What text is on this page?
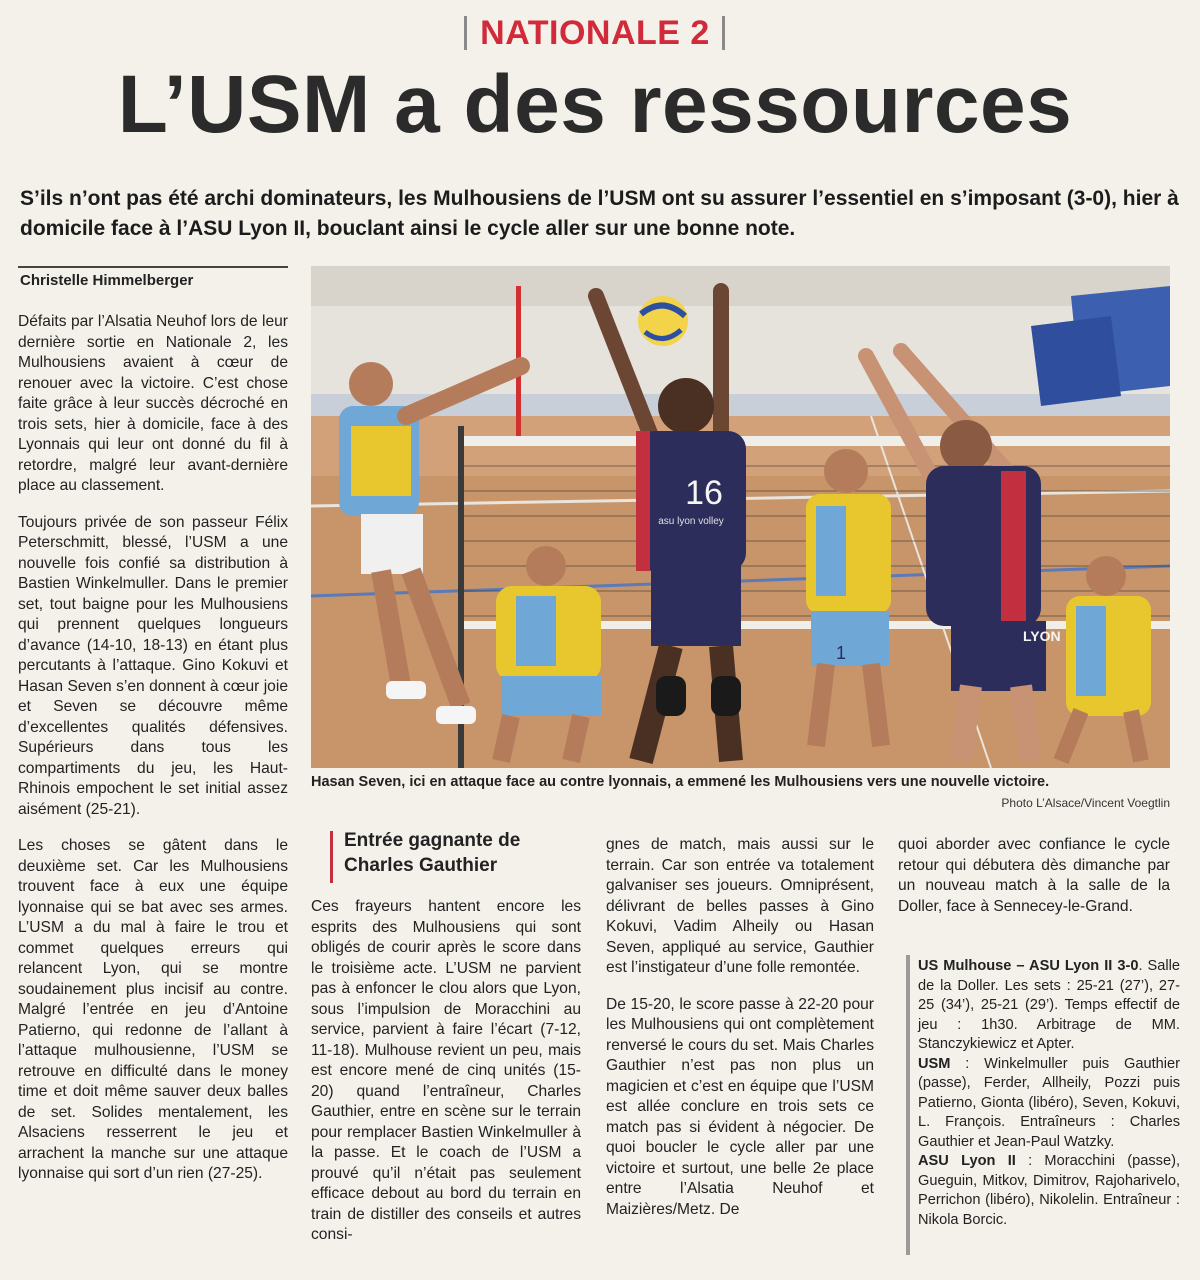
NATIONALE 2
L’USM a des ressources
S’ils n’ont pas été archi dominateurs, les Mulhousiens de l’USM ont su assurer l’essentiel en s’imposant (3-0), hier à domicile face à l’ASU Lyon II, bouclant ainsi le cycle aller sur une bonne note.
Christelle Himmelberger

Défaits par l’Alsatia Neuhof lors de leur dernière sortie en Nationale 2, les Mulhousiens avaient à cœur de renouer avec la victoire. C’est chose faite grâce à leur succès décroché en trois sets, hier à domicile, face à des Lyonnais qui leur ont donné du fil à retordre, malgré leur avant-dernière place au classement.

Toujours privée de son passeur Félix Peterschmitt, blessé, l’USM a une nouvelle fois confié sa distribution à Bastien Winkelmuller. Dans le premier set, tout baigne pour les Mulhousiens qui prennent quelques longueurs d’avance (14-10, 18-13) en étant plus percutants à l’attaque. Gino Kokuvi et Hasan Seven s’en donnent à cœur joie et Seven se découvre même d’excellentes qualités défensives. Supérieurs dans tous les compartiments du jeu, les Haut-Rhinois empochent le set initial assez aisément (25-21).

Les choses se gâtent dans le deuxième set. Car les Mulhousiens trouvent face à eux une équipe lyonnaise qui se bat avec ses armes. L’USM a du mal à faire le trou et commet quelques erreurs qui relancent Lyon, qui se montre soudainement plus incisif au contre. Malgré l’entrée en jeu d’Antoine Patierno, qui redonne de l’allant à l’attaque mulhousienne, l’USM se retrouve en difficulté dans le money time et doit même sauver deux balles de set. Solides mentalement, les Alsaciens resserrent le jeu et arrachent la manche sur une attaque lyonnaise qui sort d’un rien (27-25).

16
asu lyon volley
1
LYON
Hasan Seven, ici en attaque face au contre lyonnais, a emmené les Mulhousiens vers une nouvelle victoire.
Photo L’Alsace/Vincent Voegtlin
Entrée gagnante de Charles Gauthier

Ces frayeurs hantent encore les esprits des Mulhousiens qui sont obligés de courir après le score dans le troisième acte. L’USM ne parvient pas à enfoncer le clou alors que Lyon, sous l’impulsion de Moracchini au service, parvient à faire l’écart (7-12, 11-18). Mulhouse revient un peu, mais est encore mené de cinq unités (15-20) quand l’entraîneur, Charles Gauthier, entre en scène sur le terrain pour remplacer Bastien Winkelmuller à la passe. Et le coach de l’USM a prouvé qu’il n’était pas seulement efficace debout au bord du terrain en train de distiller des conseils et autres consi-

gnes de match, mais aussi sur le terrain. Car son entrée va totalement galvaniser ses joueurs. Omniprésent, délivrant de belles passes à Gino Kokuvi, Vadim Alheily ou Hasan Seven, appliqué au service, Gauthier est l’instigateur d’une folle remontée.

De 15-20, le score passe à 22-20 pour les Mulhousiens qui ont complètement renversé le cours du set. Mais Charles Gauthier n’est pas non plus un magicien et c’est en équipe que l’USM est allée conclure en trois sets ce match pas si évident à négocier. De quoi boucler le cycle aller par une victoire et surtout, une belle 2e place entre l’Alsatia Neuhof et Maizières/Metz. De

quoi aborder avec confiance le cycle retour qui débutera dès dimanche par un nouveau match à la salle de la Doller, face à Sennecey-le-Grand.

US Mulhouse – ASU Lyon II 3-0. Salle de la Doller. Les sets : 25-21 (27’), 27-25 (34’), 25-21 (29’). Temps effectif de jeu : 1h30. Arbitrage de MM. Stanczykiewicz et Apter.

USM : Winkelmuller puis Gauthier (passe), Ferder, Allheily, Pozzi puis Patierno, Gionta (libéro), Seven, Kokuvi, L. François. Entraîneurs : Charles Gauthier et Jean-Paul Watzky.

ASU Lyon II : Moracchini (passe), Gueguin, Mitkov, Dimitrov, Rajoharivelo, Perrichon (libéro), Nikolelin. Entraîneur : Nikola Borcic.
